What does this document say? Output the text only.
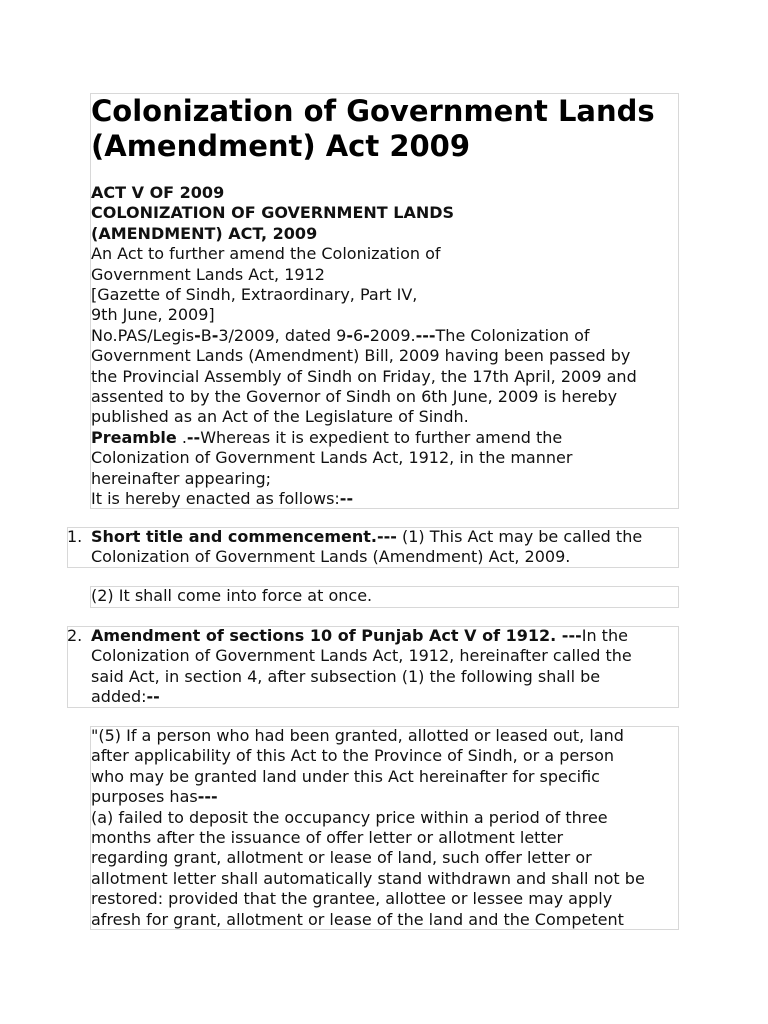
Colonization of Government Lands
(Amendment) Act 2009
ACT V OF 2009
COLONIZATION OF GOVERNMENT LANDS
(AMENDMENT) ACT, 2009
An Act to further amend the Colonization of
Government Lands Act, 1912
[Gazette of Sindh, Extraordinary, Part IV,
9th June, 2009]
No.PAS/Legis-B-3/2009, dated 9-6-2009.---The Colonization of
Government Lands (Amendment) Bill, 2009 having been passed by
the Provincial Assembly of Sindh on Friday, the 17th April, 2009 and
assented to by the Governor of Sindh on 6th June, 2009 is hereby
published as an Act of the Legislature of Sindh.
Preamble .--Whereas it is expedient to further amend the
Colonization of Government Lands Act, 1912, in the manner
hereinafter appearing;
It is hereby enacted as follows:--
1. Short title and commencement.--- (1) This Act may be called the
Colonization of Government Lands (Amendment) Act, 2009.
(2) It shall come into force at once.
2. Amendment of sections 10 of Punjab Act V of 1912. ---In the
Colonization of Government Lands Act, 1912, hereinafter called the
said Act, in section 4, after subsection (1) the following shall be
added:--
"(5) If a person who had been granted, allotted or leased out, land
after applicability of this Act to the Province of Sindh, or a person
who may be granted land under this Act hereinafter for specific
purposes has---
(a) failed to deposit the occupancy price within a period of three
months after the issuance of offer letter or allotment letter
regarding grant, allotment or lease of land, such offer letter or
allotment letter shall automatically stand withdrawn and shall not be
restored: provided that the grantee, allottee or lessee may apply
afresh for grant, allotment or lease of the land and the Competent
